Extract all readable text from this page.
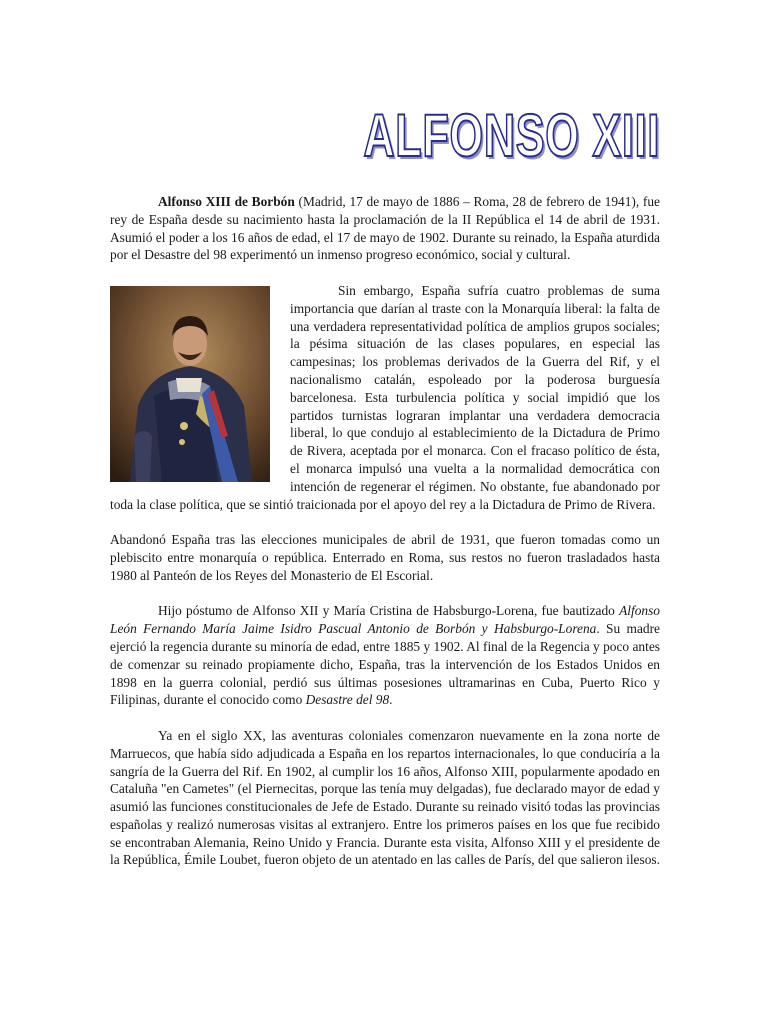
ALFONSO XIII

Alfonso XIII de Borbón (Madrid, 17 de mayo de 1886 – Roma, 28 de febrero de 1941), fue rey de España desde su nacimiento hasta la proclamación de la II República el 14 de abril de 1931. Asumió el poder a los 16 años de edad, el 17 de mayo de 1902. Durante su reinado, la España aturdida por el Desastre del 98 experimentó un inmenso progreso económico, social y cultural.

Sin embargo, España sufría cuatro problemas de suma importancia que darían al traste con la Monarquía liberal: la falta de una verdadera representatividad política de amplios grupos sociales; la pésima situación de las clases populares, en especial las campesinas; los problemas derivados de la Guerra del Rif, y el nacionalismo catalán, espoleado por la poderosa burguesía barcelonesa. Esta turbulencia política y social impidió que los partidos turnistas lograran implantar una verdadera democracia liberal, lo que condujo al establecimiento de la Dictadura de Primo de Rivera, aceptada por el monarca. Con el fracaso político de ésta, el monarca impulsó una vuelta a la normalidad democrática con intención de regenerar el régimen. No obstante, fue abandonado por toda la clase política, que se sintió traicionada por el apoyo del rey a la Dictadura de Primo de Rivera.

Abandonó España tras las elecciones municipales de abril de 1931, que fueron tomadas como un plebiscito entre monarquía o república. Enterrado en Roma, sus restos no fueron trasladados hasta 1980 al Panteón de los Reyes del Monasterio de El Escorial.

Hijo póstumo de Alfonso XII y María Cristina de Habsburgo-Lorena, fue bautizado Alfonso León Fernando María Jaime Isidro Pascual Antonio de Borbón y Habsburgo-Lorena. Su madre ejerció la regencia durante su minoría de edad, entre 1885 y 1902. Al final de la Regencia y poco antes de comenzar su reinado propiamente dicho, España, tras la intervención de los Estados Unidos en 1898 en la guerra colonial, perdió sus últimas posesiones ultramarinas en Cuba, Puerto Rico y Filipinas, durante el conocido como Desastre del 98.

Ya en el siglo XX, las aventuras coloniales comenzaron nuevamente en la zona norte de Marruecos, que había sido adjudicada a España en los repartos internacionales, lo que conduciría a la sangría de la Guerra del Rif. En 1902, al cumplir los 16 años, Alfonso XIII, popularmente apodado en Cataluña "en Cametes" (el Piernecitas, porque las tenía muy delgadas), fue declarado mayor de edad y asumió las funciones constitucionales de Jefe de Estado. Durante su reinado visitó todas las provincias españolas y realizó numerosas visitas al extranjero. Entre los primeros países en los que fue recibido se encontraban Alemania, Reino Unido y Francia. Durante esta visita, Alfonso XIII y el presidente de la República, Émile Loubet, fueron objeto de un atentado en las calles de París, del que salieron ilesos.
